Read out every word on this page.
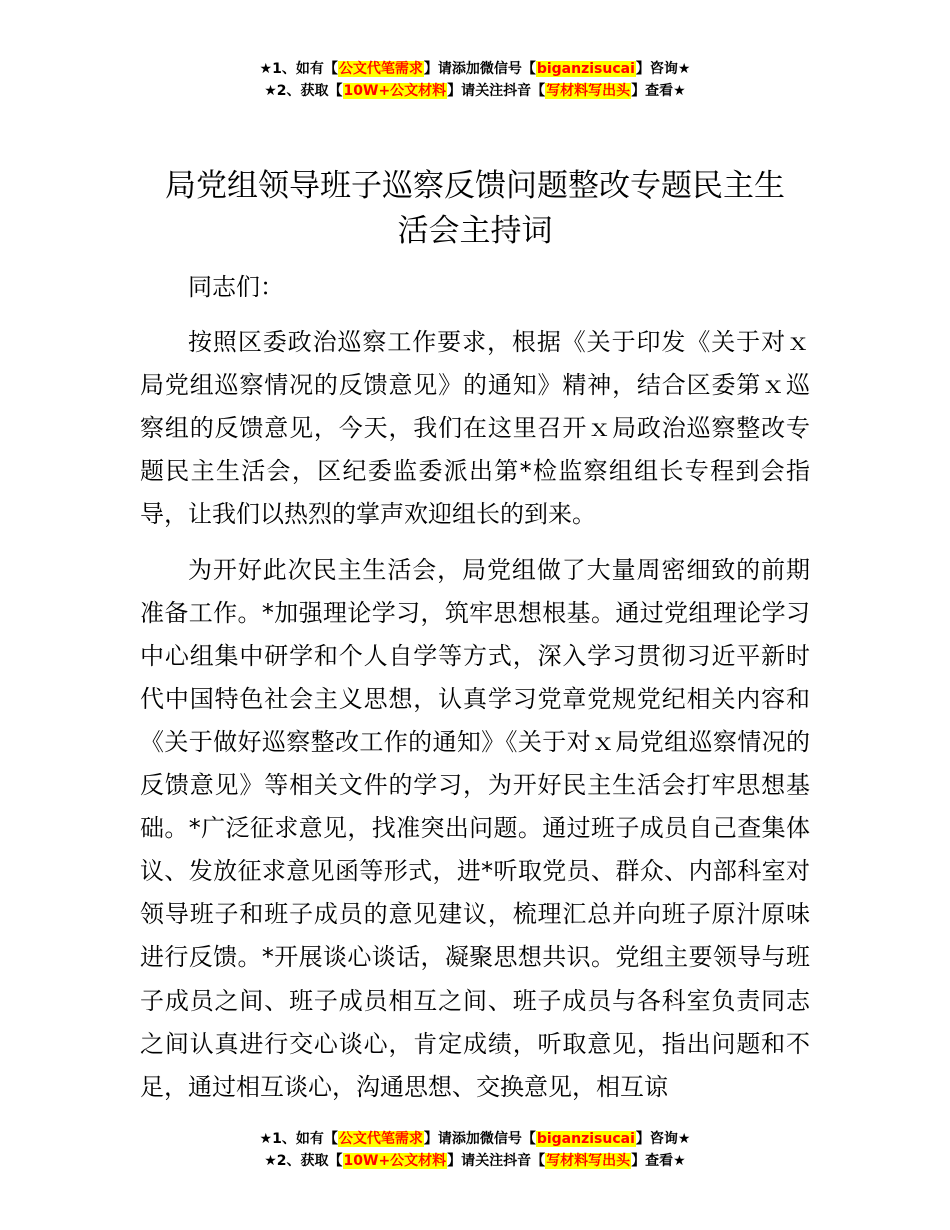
★1、如有【公文代笔需求】请添加微信号【biganzisucai】咨询★
★2、获取【10W+公文材料】请关注抖音【写材料写出头】查看★
局党组领导班子巡察反馈问题整改专题民主生
活会主持词

同志们：

按照区委政治巡察工作要求，根据《关于印发《关于对ｘ局党组巡察情况的反馈意见》的通知》精神，结合区委第ｘ巡察组的反馈意见，今天，我们在这里召开ｘ局政治巡察整改专题民主生活会，区纪委监委派出第*检监察组组长专程到会指导，让我们以热烈的掌声欢迎组长的到来。

为开好此次民主生活会，局党组做了大量周密细致的前期准备工作。*加强理论学习，筑牢思想根基。通过党组理论学习中心组集中研学和个人自学等方式，深入学习贯彻习近平新时代中国特色社会主义思想，认真学习党章党规党纪相关内容和《关于做好巡察整改工作的通知》《关于对ｘ局党组巡察情况的反馈意见》等相关文件的学习，为开好民主生活会打牢思想基础。*广泛征求意见，找准突出问题。通过班子成员自己查集体议、发放征求意见函等形式，进*听取党员、群众、内部科室对领导班子和班子成员的意见建议，梳理汇总并向班子原汁原味进行反馈。*开展谈心谈话，凝聚思想共识。党组主要领导与班子成员之间、班子成员相互之间、班子成员与各科室负责同志之间认真进行交心谈心，肯定成绩，听取意见，指出问题和不足，通过相互谈心，沟通思想、交换意见，相互谅

★1、如有【公文代笔需求】请添加微信号【biganzisucai】咨询★
★2、获取【10W+公文材料】请关注抖音【写材料写出头】查看★
